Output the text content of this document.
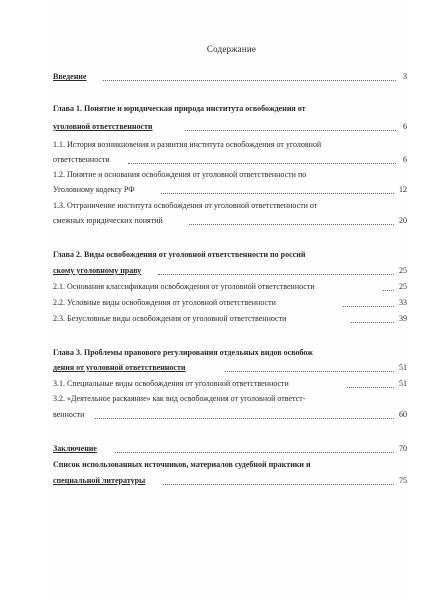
Содержание
Введение	3
Глава 1. Понятие и юридическая природа института освобождения от
уголовной ответственности	6
1.1. История возникновения и развития института освобождения от уголовной
ответственности	6
1.2. Понятие и основания освобождения от уголовной ответственности по
Уголовному кодексу РФ	12
1.3. Отграничение института освобождения от уголовной ответственности от
смежных юридических понятий	20
Глава 2. Виды освобождения от уголовной ответственности по россий
скому уголовному праву	25
2.1. Основания классификации освобождения от уголовной ответственности	25
2.2. Условные виды освобождения от уголовной ответственности	33
2.3. Безусловные виды освобождения от уголовной ответственности	39
Глава 3. Проблемы правового регулирования отдельных видов освобож
дения от уголовной ответственности	51
3.1. Специальные виды освобождения от уголовной ответственности	51
3.2. «Деятельное раскаяние» как вид освобождения от уголовной ответст-
венности	60
Заключение	70
Список использованных источников, материалов судебной практики и
специальной литературы	75
